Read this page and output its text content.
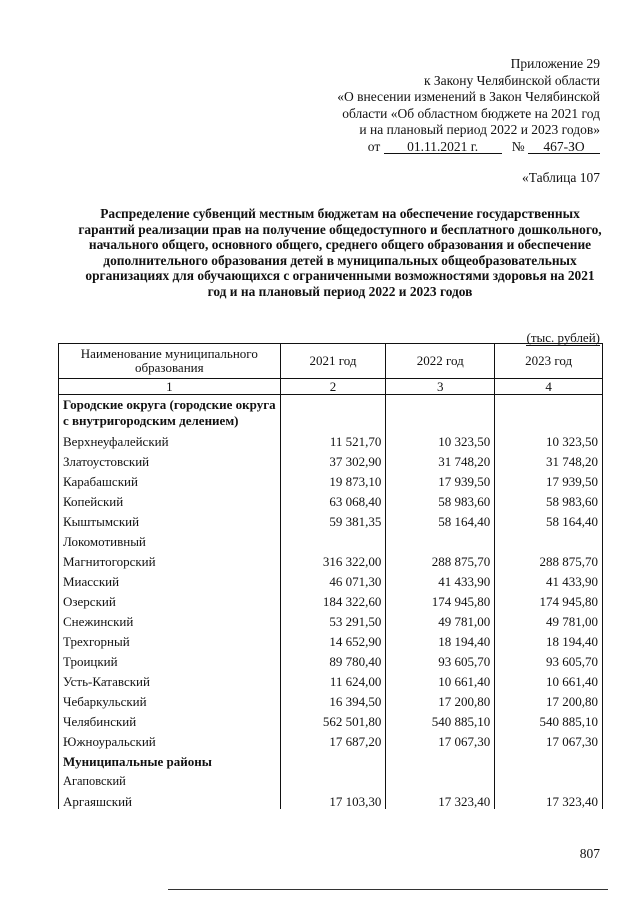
Приложение 29
к Закону Челябинской области
«О внесении изменений в Закон Челябинской
области «Об областном бюджете на 2021 год
и на плановый период 2022 и 2023 годов»
от 01.11.2021 г. № 467-ЗО
«Таблица 107
Распределение субвенций местным бюджетам на обеспечение государственных гарантий реализации прав на получение общедоступного и бесплатного дошкольного, начального общего, основного общего, среднего общего образования и обеспечение дополнительного образования детей в муниципальных общеобразовательных организациях для обучающихся с ограниченными возможностями здоровья на 2021 год и на плановый период 2022 и 2023 годов
(тыс. рублей)
Наименование муниципального образования	2021 год	2022 год	2023 год
1	2	3	4
Городские округа (городские округа с внутригородским делением)			
Верхнеуфалейский	11 521,70	10 323,50	10 323,50
Златоустовский	37 302,90	31 748,20	31 748,20
Карабашский	19 873,10	17 939,50	17 939,50
Копейский	63 068,40	58 983,60	58 983,60
Кыштымский	59 381,35	58 164,40	58 164,40
Локомотивный			
Магнитогорский	316 322,00	288 875,70	288 875,70
Миасский	46 071,30	41 433,90	41 433,90
Озерский	184 322,60	174 945,80	174 945,80
Снежинский	53 291,50	49 781,00	49 781,00
Трехгорный	14 652,90	18 194,40	18 194,40
Троицкий	89 780,40	93 605,70	93 605,70
Усть-Катавский	11 624,00	10 661,40	10 661,40
Чебаркульский	16 394,50	17 200,80	17 200,80
Челябинский	562 501,80	540 885,10	540 885,10
Южноуральский	17 687,20	17 067,30	17 067,30
Муниципальные районы			
Агаповский			
Аргаяшский	17 103,30	17 323,40	17 323,40
807
